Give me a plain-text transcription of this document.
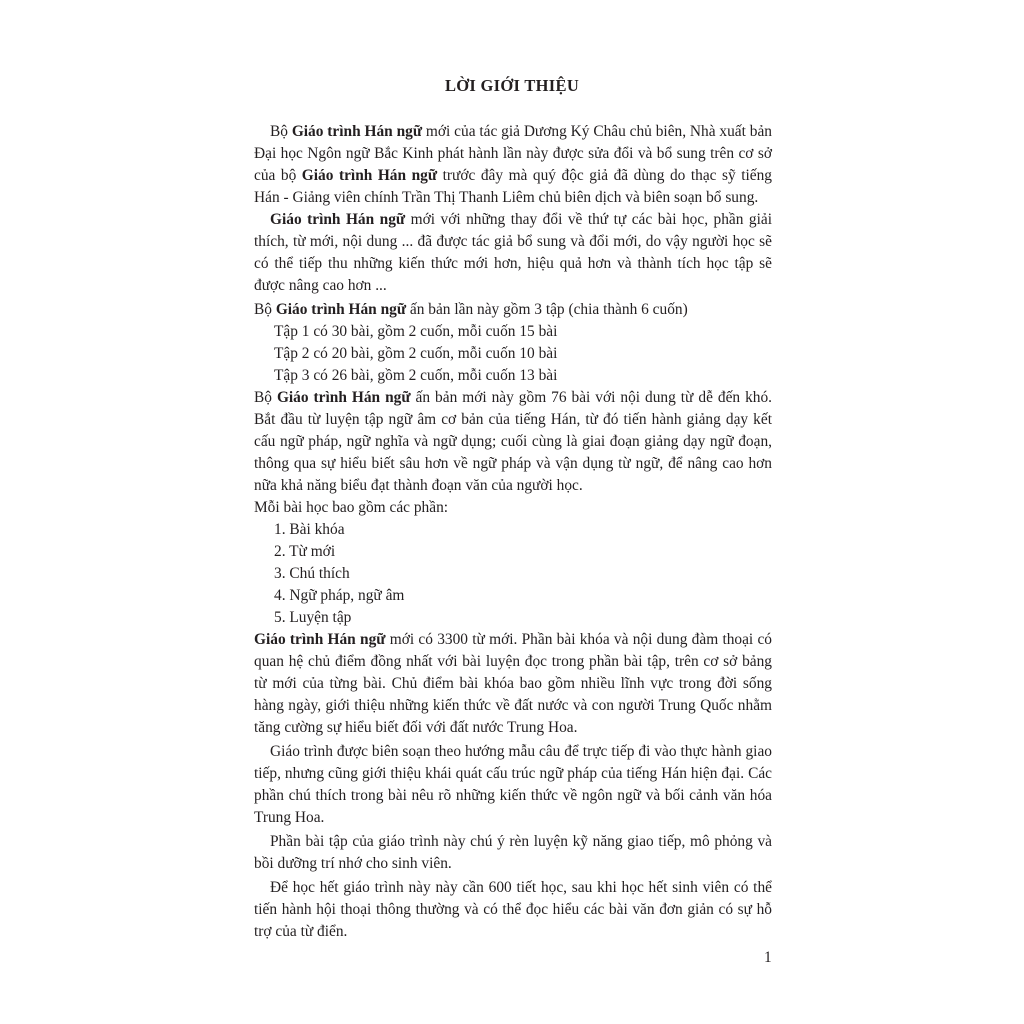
LỜI GIỚI THIỆU

Bộ Giáo trình Hán ngữ mới của tác giả Dương Ký Châu chủ biên, Nhà xuất bản Đại học Ngôn ngữ Bắc Kinh phát hành lần này được sửa đổi và bổ sung trên cơ sở của bộ Giáo trình Hán ngữ trước đây mà quý độc giả đã dùng do thạc sỹ tiếng Hán - Giảng viên chính Trần Thị Thanh Liêm chủ biên dịch và biên soạn bổ sung.

Giáo trình Hán ngữ mới với những thay đổi về thứ tự các bài học, phần giải thích, từ mới, nội dung ... đã được tác giả bổ sung và đổi mới, do vậy người học sẽ có thể tiếp thu những kiến thức mới hơn, hiệu quả hơn và thành tích học tập sẽ được nâng cao hơn ...

Bộ Giáo trình Hán ngữ ấn bản lần này gồm 3 tập (chia thành 6 cuốn)

Tập 1 có 30 bài, gồm 2 cuốn, mỗi cuốn 15 bài

Tập 2 có 20 bài, gồm 2 cuốn, mỗi cuốn 10 bài

Tập 3 có 26 bài, gồm 2 cuốn, mỗi cuốn 13 bài

Bộ Giáo trình Hán ngữ ấn bản mới này gồm 76 bài với nội dung từ dễ đến khó. Bắt đầu từ luyện tập ngữ âm cơ bản của tiếng Hán, từ đó tiến hành giảng dạy kết cấu ngữ pháp, ngữ nghĩa và ngữ dụng; cuối cùng là giai đoạn giảng dạy ngữ đoạn, thông qua sự hiểu biết sâu hơn về ngữ pháp và vận dụng từ ngữ, để nâng cao hơn nữa khả năng biểu đạt thành đoạn văn của người học.

Mỗi bài học bao gồm các phần:

1. Bài khóa

2. Từ mới

3. Chú thích

4. Ngữ pháp, ngữ âm

5. Luyện tập

Giáo trình Hán ngữ mới có 3300 từ mới. Phần bài khóa và nội dung đàm thoại có quan hệ chủ điểm đồng nhất với bài luyện đọc trong phần bài tập, trên cơ sở bảng từ mới của từng bài. Chủ điểm bài khóa bao gồm nhiều lĩnh vực trong đời sống hàng ngày, giới thiệu những kiến thức về đất nước và con người Trung Quốc nhằm tăng cường sự hiểu biết đối với đất nước Trung Hoa.

Giáo trình được biên soạn theo hướng mẫu câu để trực tiếp đi vào thực hành giao tiếp, nhưng cũng giới thiệu khái quát cấu trúc ngữ pháp của tiếng Hán hiện đại. Các phần chú thích trong bài nêu rõ những kiến thức về ngôn ngữ và bối cảnh văn hóa Trung Hoa.

Phần bài tập của giáo trình này chú ý rèn luyện kỹ năng giao tiếp, mô phỏng và bồi dưỡng trí nhớ cho sinh viên.

Để học hết giáo trình này này cần 600 tiết học, sau khi học hết sinh viên có thể tiến hành hội thoại thông thường và có thể đọc hiểu các bài văn đơn giản có sự hỗ trợ của từ điển.

1
